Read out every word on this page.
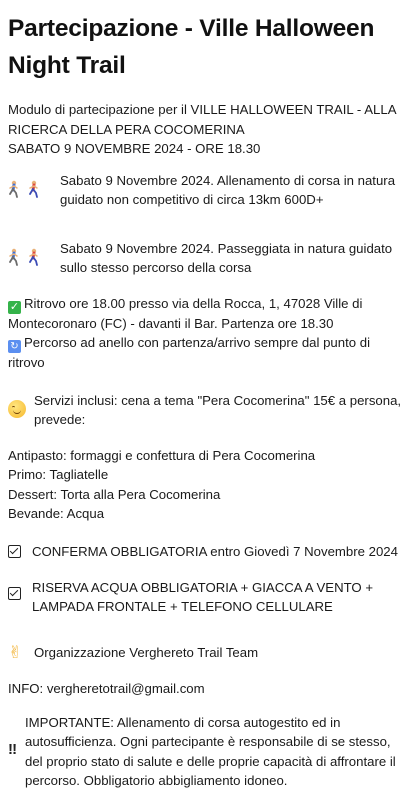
Partecipazione - Ville Halloween Night Trail

Modulo di partecipazione per il VILLE HALLOWEEN TRAIL - ALLA RICERCA DELLA PERA COCOMERINA

SABATO 9 NOVEMBRE 2024 - ORE 18.30

Sabato 9 Novembre 2024. Allenamento di corsa in natura guidato non competitivo di circa 13km 600D+
Sabato 9 Novembre 2024. Passeggiata in natura guidato sullo stesso percorso della corsa

✓ Ritrovo ore 18.00 presso via della Rocca, 1, 47028 Ville di Montecoronaro (FC) - davanti il Bar. Partenza ore 18.30

↻ Percorso ad anello con partenza/arrivo sempre dal punto di ritrovo

Servizi inclusi: cena a tema "Pera Cocomerina" 15€ a persona, prevede:

Antipasto: formaggi e confettura di Pera Cocomerina

Primo: Tagliatelle

Dessert: Torta alla Pera Cocomerina

Bevande: Acqua

CONFERMA OBBLIGATORIA entro Giovedì 7 Novembre 2024
RISERVA ACQUA OBBLIGATORIA + GIACCA A VENTO + LAMPADA FRONTALE + TELEFONO CELLULARE
✌ Organizzazione Verghereto Trail Team

INFO: vergheretotrail@gmail.com

‼
IMPORTANTE: Allenamento di corsa autogestito ed in autosufficienza. Ogni partecipante è responsabile di se stesso, del proprio stato di salute e delle proprie capacità di affrontare il percorso. Obbligatorio abbigliamento idoneo.
